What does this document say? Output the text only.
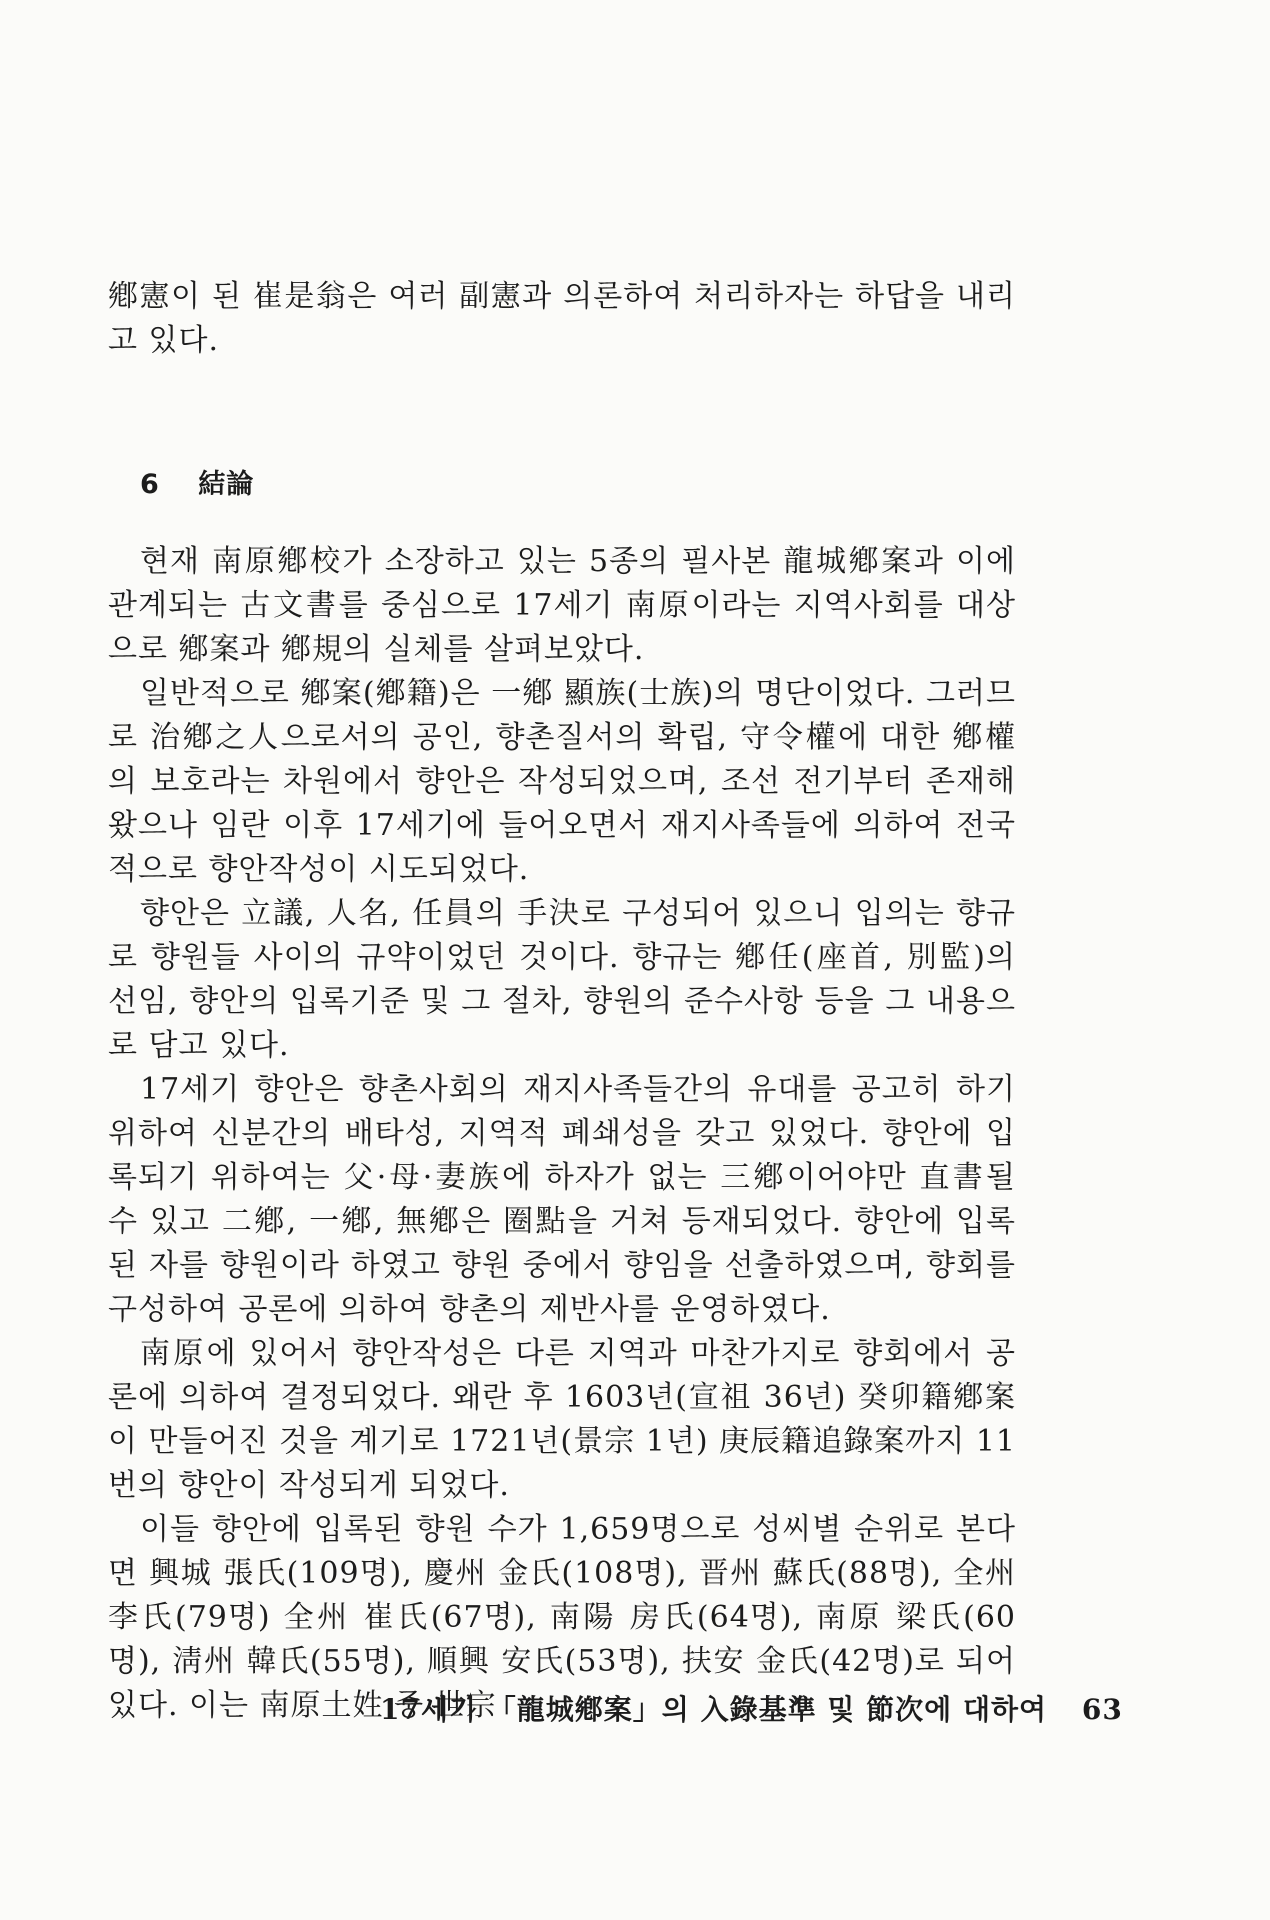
鄕憲이 된 崔是翁은 여러 副憲과 의론하여 처리하자는 하답을 내리고 있다.

6 結論

현재 南原鄕校가 소장하고 있는 5종의 필사본 龍城鄕案과 이에 관계되는 古文書를 중심으로 17세기 南原이라는 지역사회를 대상으로 鄕案과 鄕規의 실체를 살펴보았다.

일반적으로 鄕案(鄕籍)은 一鄕 顯族(士族)의 명단이었다. 그러므로 治鄕之人으로서의 공인, 향촌질서의 확립, 守令權에 대한 鄕權의 보호라는 차원에서 향안은 작성되었으며, 조선 전기부터 존재해 왔으나 임란 이후 17세기에 들어오면서 재지사족들에 의하여 전국적으로 향안작성이 시도되었다.

향안은 立議, 人名, 任員의 手決로 구성되어 있으니 입의는 향규로 향원들 사이의 규약이었던 것이다. 향규는 鄕任(座首, 別監)의 선임, 향안의 입록기준 및 그 절차, 향원의 준수사항 등을 그 내용으로 담고 있다.

17세기 향안은 향촌사회의 재지사족들간의 유대를 공고히 하기 위하여 신분간의 배타성, 지역적 폐쇄성을 갖고 있었다. 향안에 입록되기 위하여는 父·母·妻族에 하자가 없는 三鄕이어야만 直書될 수 있고 二鄕, 一鄕, 無鄕은 圈點을 거쳐 등재되었다. 향안에 입록된 자를 향원이라 하였고 향원 중에서 향임을 선출하였으며, 향회를 구성하여 공론에 의하여 향촌의 제반사를 운영하였다.

南原에 있어서 향안작성은 다른 지역과 마찬가지로 향회에서 공론에 의하여 결정되었다. 왜란 후 1603년(宣祖 36년) 癸卯籍鄕案이 만들어진 것을 계기로 1721년(景宗 1년) 庚辰籍追錄案까지 11번의 향안이 작성되게 되었다.

이들 향안에 입록된 향원 수가 1,659명으로 성씨별 순위로 본다면 興城 張氏(109명), 慶州 金氏(108명), 晋州 蘇氏(88명), 全州 李氏(79명) 全州 崔氏(67명), 南陽 房氏(64명), 南原 梁氏(60명), 淸州 韓氏(55명), 順興 安氏(53명), 扶安 金氏(42명)로 되어 있다. 이는 南原土姓 중 世宗

17세기 「龍城鄕案」의 入錄基準 및 節次에 대하여 63
